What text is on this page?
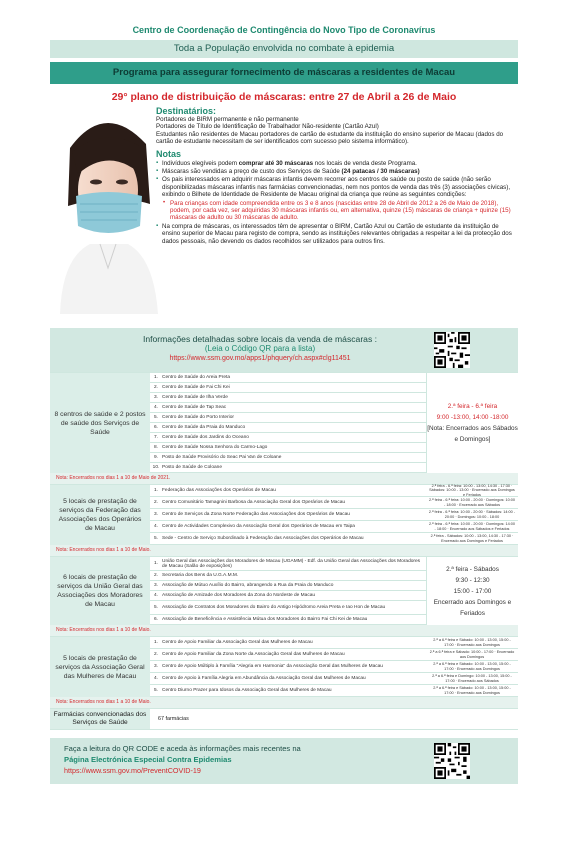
Centro de Coordenação de Contingência do Novo Tipo de Coronavírus
Toda a População envolvida no combate à epidemia
Programa para assegurar fornecimento de máscaras a residentes de Macau
29° plano de distribuição de máscaras: entre 27 de Abril a 26 de Maio
Destinatários:

Portadores de BIRM permanente e não permanente

Portadores de Título de Identificação de Trabalhador Não-residente (Cartão Azul)

Estudantes não residentes de Macau portadores de cartão de estudante da instituição do ensino superior de Macau (dados do cartão de estudante necessitam de ser identificados com sucesso pelo sistema informático).

Notas
▪ Indivíduos elegíveis podem comprar até 30 máscaras nos locais de venda deste Programa.
▪ Máscaras são vendidas a preço de custo dos Serviços de Saúde (24 patacas / 30 máscaras)
▪ Os pais interessados em adquirir máscaras infantis devem recorrer aos centros de saúde ou posto de saúde (não serão disponibilizadas máscaras infantis nas farmácias convencionadas, nem nos pontos de venda das três (3) associações cívicas), exibindo o Bilhete de Identidade de Residente de Macau original da criança que reúne as seguintes condições:
• Para crianças com idade compreendida entre os 3 e 8 anos (nascidas entre 28 de Abril de 2012 a 26 de Maio de 2018), podem, por cada vez, ser adquiridas 30 máscaras infantis ou, em alternativa, quinze (15) máscaras de criança + quinze (15) máscaras de adulto ou 30 máscaras de adulto.
▪ Na compra de máscaras, os interessados têm de apresentar o BIRM, Cartão Azul ou Cartão de estudante da instituição de ensino superior de Macau para registo de compra, sendo as instituições relevantes obrigadas a respeitar a lei da protecção dos dados pessoais, não devendo os dados recolhidos ser utilizados para outros fins.
Informações detalhadas sobre locais da venda de máscaras :
(Leia o Código QR para a lista)
https://www.ssm.gov.mo/apps1/phquery/ch.aspx#clg11451
8 centros de saúde e 2 postos de saúde dos Serviços de Saúde
1. Centro de Saúde do Areia Preta
2. Centro de Saúde de Fai Chi Kei
3. Centro de Saúde de Ilha Verde
4. Centro de Saúde de Tap Seac
5. Centro de Saúde do Porto Interior
6. Centro de Saúde da Praia do Manduco
7. Centro de Saúde dos Jardins do Oceano
8. Centro de Saúde Nossa Senhora do Carmo-Lago
9. Posto de Saúde Provisório do Seac Pai Van de Coloane
10. Posto de Saúde de Coloane
2.ª feira - 6.ª feira
9:00 -13:00, 14:00 -18:00
[Nota: Encerrados aos Sábados e Domingos]
Nota: Encerrados nos dias 1 a 10 de Maio de 2021.
5 locais de prestação de serviços da Federação das Associações dos Operários de Macau
1. Federação das Associações dos Operários de Macau
2.ª feira - 6.ª feira: 10:00 - 13:00, 14:30 - 17:30 · Sábados: 10:00 - 13:00 · Encerrado aos Domingos e Feriados
2. Centro Comunitário Tamagnini Barbosa da Associação Geral dos Operários de Macau	2.ª feira - 6.ª feira: 10:00 - 20:00 · Domingos: 10:00 - 18:00 · Encerrado aos Sábados
3. Centro de Serviços da Zona Norte Federação das Associações dos Operários de Macau	2.ª feira - 6.ª feira: 10:00 - 20:00 · Sábados: 14:00 - 20:00 · Domingos: 10:00 - 18:00
4. Centro de Actividades Complexivo da Associação Geral dos Operários de Macau em Taipa	2.ª feira - 6.ª feira: 10:00 - 20:00 · Domingos: 14:00 - 18:00 · Encerrado aos Sábados e Feriados
5. Sede - Centro de Serviço Subordinado à Federação das Associações dos Operários de Macau	2.ª feira - Sábados: 10:00 - 13:00, 14:30 - 17:30 · Encerrado aos Domingos e Feriados
Nota: Encerrados nos dias 1 a 10 de Maio.
6 locais de prestação de serviços da União Geral das Associações dos Moradores de Macau
1. União Geral das Associações dos Moradores de Macau (UGAMM) - Edf. da União Geral das Associações dos Moradores de Macau (Salão de exposições)
2. Secretaria dos Bens da U.G.A.M.M.
3. Associação de Mútuo Auxílio do Bairro, abrangendo a Rua da Praia do Manduco
4. Associação de Amizade dos Moradores da Zona do Nordeste de Macau
5. Associação de Contratos dos Moradores do Bairro do Antigo Hipódromo Areia Preta e Iao Hon de Macau
6. Associação de Beneficência e Assistência Mútua dos Moradores do Bairro Fai Chi Kei de Macau
2.ª feira - Sábados
9:30 - 12:30
15:00 - 17:00
Encerrado aos Domingos e Feriados
Nota: Encerrados nos dias 1 a 10 de Maio.
5 locais de prestação de serviços da Associação Geral das Mulheres de Macau
1. Centro de Apoio Familiar da Associação Geral das Mulheres de Macau	2.ª a 6.ª feira e Sábado: 10:00 - 13:00, 15:00 - 17:00 · Encerrado aos Domingos
2. Centro de Apoio Familiar da Zona Norte da Associação Geral das Mulheres de Macau	2.ª a 6.ª feira e Sábado: 10:00 - 17:00 · Encerrado aos Domingos
3. Centro de Apoio Múltiplo à Família "Alegria em Harmonia" da Associação Geral das Mulheres de Macau	2.ª a 6.ª feira e Sábado: 10:00 - 13:00, 15:00 - 17:00 · Encerrado aos Domingos
4. Centro de Apoio à Família Alegria em Abundância da Associação Geral das Mulheres de Macau	2.ª a 6.ª feira e Domingo: 10:00 - 13:00, 15:00 - 17:00 · Encerrado aos Sábados
5. Centro Diurno Prazer para Idosos da Associação Geral das Mulheres de Macau	2.ª a 6.ª feira e Sábado: 10:00 - 13:00, 15:00 - 17:00 · Encerrado aos Domingos
Nota: Encerrados nos dias 1 a 10 de Maio.
Farmácias convencionadas dos Serviços de Saúde	67 farmácias
Faça a leitura do QR CODE e aceda às informações mais recentes na
Página Electrónica Especial Contra Epidemias
https://www.ssm.gov.mo/PreventCOVID-19
